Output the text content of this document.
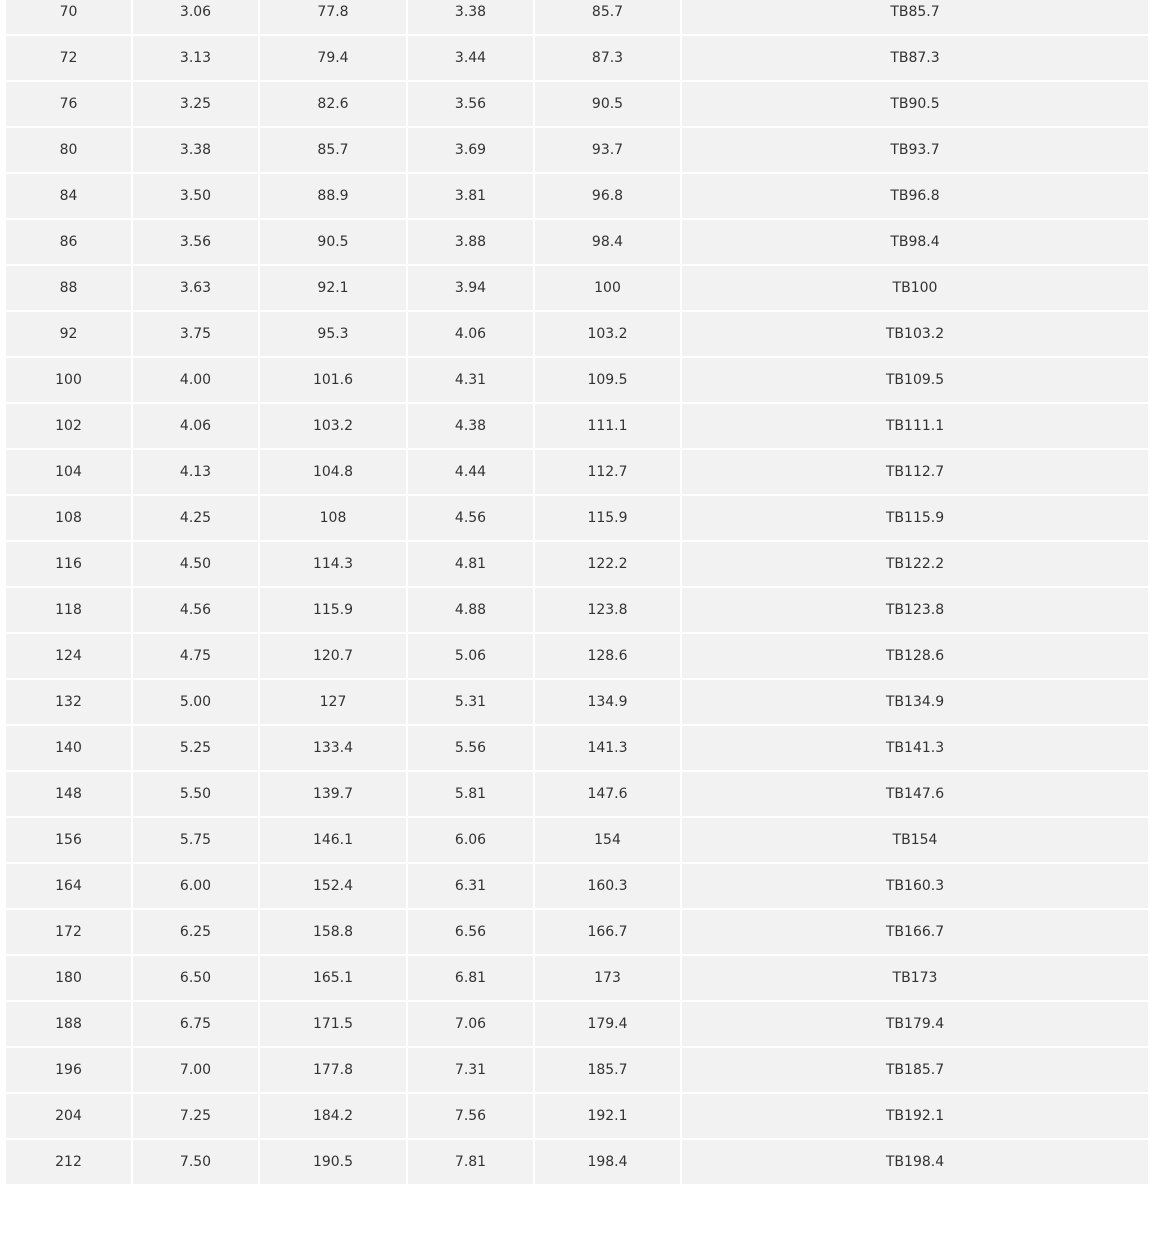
70	3.06	77.8	3.38	85.7	TB85.7
72	3.13	79.4	3.44	87.3	TB87.3
76	3.25	82.6	3.56	90.5	TB90.5
80	3.38	85.7	3.69	93.7	TB93.7
84	3.50	88.9	3.81	96.8	TB96.8
86	3.56	90.5	3.88	98.4	TB98.4
88	3.63	92.1	3.94	100	TB100
92	3.75	95.3	4.06	103.2	TB103.2
100	4.00	101.6	4.31	109.5	TB109.5
102	4.06	103.2	4.38	111.1	TB111.1
104	4.13	104.8	4.44	112.7	TB112.7
108	4.25	108	4.56	115.9	TB115.9
116	4.50	114.3	4.81	122.2	TB122.2
118	4.56	115.9	4.88	123.8	TB123.8
124	4.75	120.7	5.06	128.6	TB128.6
132	5.00	127	5.31	134.9	TB134.9
140	5.25	133.4	5.56	141.3	TB141.3
148	5.50	139.7	5.81	147.6	TB147.6
156	5.75	146.1	6.06	154	TB154
164	6.00	152.4	6.31	160.3	TB160.3
172	6.25	158.8	6.56	166.7	TB166.7
180	6.50	165.1	6.81	173	TB173
188	6.75	171.5	7.06	179.4	TB179.4
196	7.00	177.8	7.31	185.7	TB185.7
204	7.25	184.2	7.56	192.1	TB192.1
212	7.50	190.5	7.81	198.4	TB198.4
